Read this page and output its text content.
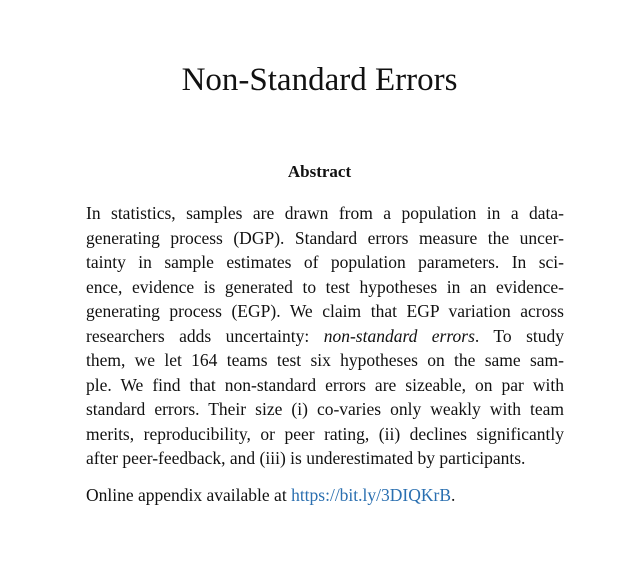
Non-Standard Errors
Abstract
In statistics, samples are drawn from a population in a data-
generating process (DGP). Standard errors measure the uncer-
tainty in sample estimates of population parameters. In sci-
ence, evidence is generated to test hypotheses in an evidence-
generating process (EGP). We claim that EGP variation across
researchers adds uncertainty: non-standard errors. To study
them, we let 164 teams test six hypotheses on the same sam-
ple. We find that non-standard errors are sizeable, on par with
standard errors. Their size (i) co-varies only weakly with team
merits, reproducibility, or peer rating, (ii) declines significantly
after peer-feedback, and (iii) is underestimated by participants.

Online appendix available at https://bit.ly/3DIQKrB.
